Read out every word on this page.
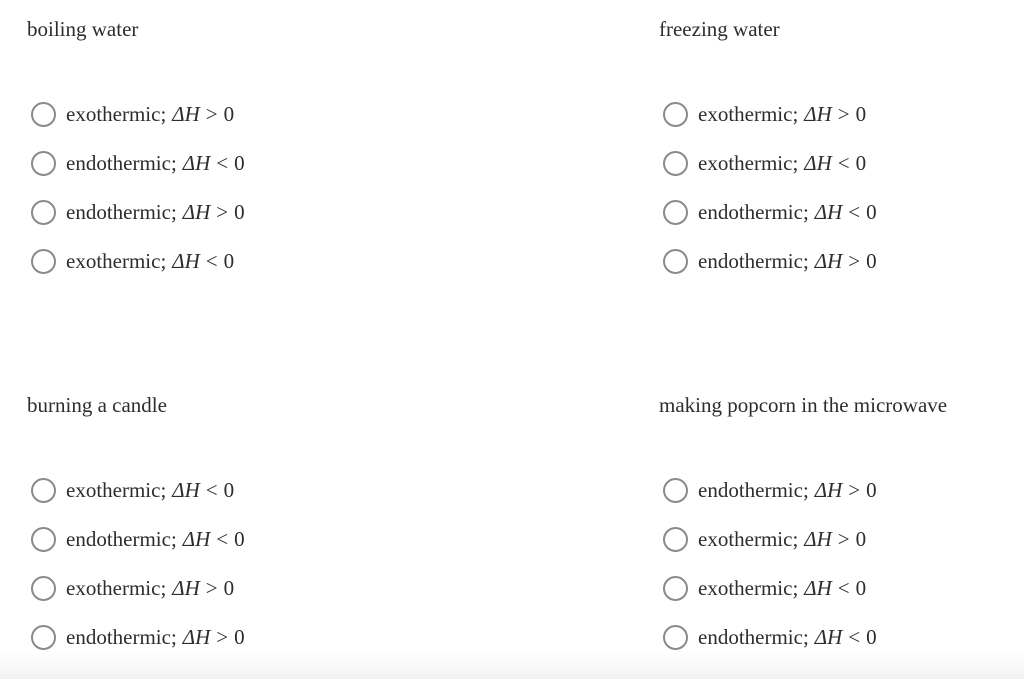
boiling water
exothermic; ΔH > 0
endothermic; ΔH < 0
endothermic; ΔH > 0
exothermic; ΔH < 0
freezing water
exothermic; ΔH > 0
exothermic; ΔH < 0
endothermic; ΔH < 0
endothermic; ΔH > 0
burning a candle
exothermic; ΔH < 0
endothermic; ΔH < 0
exothermic; ΔH > 0
endothermic; ΔH > 0
making popcorn in the microwave
endothermic; ΔH > 0
exothermic; ΔH > 0
exothermic; ΔH < 0
endothermic; ΔH < 0
